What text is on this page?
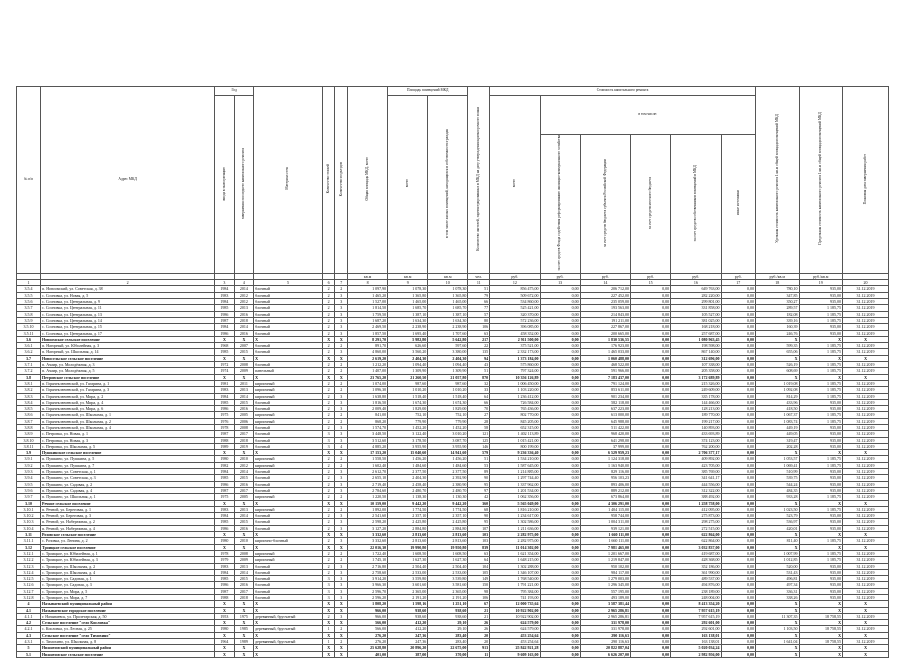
№ п/п	Адрес МКД	Год		Материал стен	Количество этажей	Количество подъездов	Общая площадь МКД, всего	Площадь помещений МКД		Количество жителей, зарегистрированных в МКД на дату утверждения краткосрочного плана	Стоимость капитального ремонта						Удельная стоимость капитального ремонта 1 кв.м общей площади помещений МКД	Предельная стоимость капитального ремонта 1 кв.м общей площади помещений МКД	Плановая дата завершения работ
		ввода в эксплуатацию	завершения последнего капитального ремонта					всего	в том числе жилых помещений, находящихся в собственности граждан		всего	в том числе:							
												за счет средств Фонда содействия реформированию жилищно-коммунального хозяйства	за счет средств бюджета субъекта Российской Федерации	за счет средств местного бюджета	за счет средств собственников помещений в МКД	иные источники			
							кв.м	кв.м	кв.м	чел.	руб.	руб.	руб.	руб.	руб.	руб.	руб./кв.м	руб./кв.м	
1	2	3	4	5	6	7	8	9	10	11	12	13	14	15	16	17	18	19	20
3.5.4	п. Новоомский, ул. Советская, д. 38	1984	2014	блочный	2	2	1 097,90	1 078,30	1 078,30	51	856 475,00	0,00	206 712,00	0,00	649 763,00	0,00	780,10	935,00	31.12.2019
3.5.5	с. Сосновка, ул. Новая, д. 5	1983	2012	блочный	2	3	1 465,20	1 365,80	1 365,80	79	509 672,00	0,00	227 452,00	0,00	282 220,00	0,00	347,85	935,00	31.12.2019
3.5.6	с. Сосновка, ул. Центральная, д. 9	1984	2012	блочный	2	3	1 527,00	1 465,00	1 465,00	66	534 860,00	0,00	235 059,00	0,00	299 801,00	0,00	350,27	935,00	31.12.2019
3.5.7	с. Сосновка, ул. Центральная, д. 11	1985	2013	блочный	2	3	1 814,50	1 685,70	1 685,70	77	525 421,00	0,00	193 563,00	0,00	331 858,00	0,00	289,57	1 185,75	31.12.2019
3.5.8	с. Сосновка, ул. Центральная, д. 13	1986	2016	блочный	2	3	1 759,50	1 387,10	1 387,10	57	320 370,00	0,00	214 843,00	0,00	105 527,00	0,00	182,08	1 185,75	31.12.2019
3.5.9	с. Сосновка, ул. Центральная, д. 14	1987	2018	блочный	2	3	1 687,20	1 634,30	1 634,30	80	572 236,00	0,00	191 211,00	0,00	381 025,00	0,00	339,16	1 185,75	31.12.2019
3.5.10	с. Сосновка, ул. Центральная, д. 15	1984	2014	блочный	2	3	2 469,50	2 238,90	2 238,90	106	396 085,00	0,00	227 867,00	0,00	168 218,00	0,00	160,39	935,00	31.12.2019
3.5.11	с. Сосновка, ул. Центральная, д. 17	1986	2016	блочный	2	3	1 857,50	1 695,40	1 707,60	63	458 352,00	0,00	200 665,00	0,00	257 687,00	0,00	246,76	935,00	31.12.2019
3.6	Новоомское сельское поселение	X	X	X	X	X	8 291,70	5 982,80	5 642,80	217	2 911 500,00	0,00	1 830 536,55	0,00	1 080 963,45	0,00	X	X	X
3.6.1	п. Нагорный, ул. Юбилейная, д. 3	1968	2007	блочный	2	2	891,70	626,60	597,60	22	375 521,00	0,00	176 923,00	0,00	198 598,00	0,00	599,35	1 185,75	31.12.2019
3.6.2	п. Нагорный, ул. Школьная, д. 14	1985	2015	блочный	2	3	4 860,00	3 560,20	3 380,00	135	2 332 173,00	0,00	1 465 033,00	0,00	867 140,00	0,00	655,06	1 185,75	31.12.2019
3.7	Новосельское сельское поселение	X	X	X	X	X	2 619,20	2 404,30	2 404,30	94	1 373 184,00	0,00	1 060 488,00	0,00	312 696,00	0,00	X	X	X
3.7.1	п. Ачаир, ул. Молодёжная, д. 3	1972	2008	блочный	2	2	1 212,20	1 094,40	1 094,40	43	575 860,00	0,00	468 522,00	0,00	107 338,00	0,00	526,19	1 185,75	31.12.2019
3.7.2	п. Ачаир, ул. Молодёжная, д. 5	1974	2009	панельный	2	2	1 407,00	1 309,90	1 309,90	51	797 324,00	0,00	591 966,00	0,00	205 358,00	0,00	608,69	1 185,75	31.12.2019
3.8	Петровское сельское поселение	X	X	X	X	X	23 765,20	21 260,50	21 057,80	870	10 356 126,89	0,00	7 183 437,00	0,00	3 172 689,89	0,00	X	X	X
3.8.1	п. Горячеключевской, ул. Гагарина, д. 1	1981	2011	кирпичный	2	2	1 074,00	987,60	987,60	32	1 006 450,00	0,00	791 124,00	0,00	215 326,00	0,00	1 019,08	1 185,75	31.12.2019
3.8.2	п. Горячеключевской, ул. Гагарина, д. 3	1983	2013	кирпичный	2	2	1 096,30	1 010,20	1 010,20	33	1 103 220,00	0,00	853 611,00	0,00	249 609,00	0,00	1 092,08	1 185,75	31.12.2019
3.8.3	п. Горячеключевской, ул. Мира, д. 2	1984	2014	кирпичный	2	3	1 638,80	1 518,40	1 518,40	64	1 236 412,00	0,00	901 234,00	0,00	335 178,00	0,00	814,29	1 185,75	31.12.2019
3.8.4	п. Горячеключевской, ул. Мира, д. 4	1985	2015	блочный	2	3	1 816,50	1 674,30	1 674,30	66	726 584,00	0,00	582 118,00	0,00	144 466,00	0,00	433,96	935,00	31.12.2019
3.8.5	п. Горячеключевской, ул. Мира, д. 6	1986	2016	блочный	2	3	2 009,40	1 829,00	1 829,00	70	765 436,00	0,00	637 223,00	0,00	128 213,00	0,00	418,50	935,00	31.12.2019
3.8.6	п. Горячеключевской, ул. Школьная, д. 1	1975	2005	кирпичный	2	2	841,00	752,10	752,10	27	802 770,00	0,00	613 000,00	0,00	189 770,00	0,00	1 067,37	1 185,75	31.12.2019
3.8.7	п. Горячеключевской, ул. Школьная, д. 2	1976	2006	кирпичный	2	2	868,20	779,90	779,90	28	845 205,00	0,00	645 988,00	0,00	199 217,00	0,00	1 083,74	1 185,75	31.12.2019
3.8.8	п. Горячеключевской, ул. Школьная, д. 4	1978	2008	блочный	2	3	1 574,70	1 452,20	1 452,20	58	652 315,00	0,00	511 422,00	0,00	140 893,00	0,00	449,19	935,00	31.12.2019
3.8.9	с. Петровка, ул. Новая, д. 1	1987	2017	блочный	3	3	3 448,50	3 122,40	3 010,20	121	1 402 113,89	0,00	968 420,00	0,00	433 693,89	0,00	449,05	935,00	31.12.2019
3.8.10	с. Петровка, ул. Новая, д. 3	1988	2018	блочный	3	3	3 512,60	3 178,50	3 087,70	125	1 015 421,00	0,00	641 298,00	0,00	374 123,00	0,00	319,47	935,00	31.12.2019
3.8.11	с. Петровка, ул. Школьная, д. 5	1989	2019	блочный	3	4	4 885,20	3 955,90	3 955,90	146	800 199,00	0,00	37 999,00	0,00	762 200,00	0,00	202,28	935,00	31.12.2019
3.9	Пушкинское сельское поселение	X	X	X	X	X	17 153,20	15 040,60	14 941,60	579	9 236 336,40	0,00	6 529 959,23	0,00	2 706 377,17	0,00	X	X	X
3.9.1	п. Пушкино, ул. Пушкина, д. 5	1980	2010	кирпичный	2	2	1 558,50	1 456,20	1 456,20	51	1 534 210,00	0,00	1 124 318,00	0,00	409 892,00	0,00	1 053,57	1 185,75	31.12.2019
3.9.2	п. Пушкино, ул. Пушкина, д. 7	1982	2012	кирпичный	2	2	1 602,40	1 484,60	1 484,60	53	1 587 645,00	0,00	1 163 940,00	0,00	423 705,00	0,00	1 069,41	1 185,75	31.12.2019
3.9.3	п. Пушкино, ул. Советская, д. 1	1984	2014	блочный	2	3	2 612,70	2 377,50	2 377,50	89	1 214 885,00	0,00	829 116,00	0,00	385 769,00	0,00	510,99	935,00	31.12.2019
3.9.4	п. Пушкино, ул. Советская, д. 3	1985	2015	блочный	2	3	2 655,10	2 404,30	2 392,90	90	1 297 744,40	0,00	956 103,23	0,00	341 641,17	0,00	539,75	935,00	31.12.2019
3.9.5	п. Пушкино, ул. Садовая, д. 2	1986	2016	блочный	2	3	2 719,40	2 458,40	2 380,90	95	1 337 962,00	0,00	893 406,00	0,00	444 556,00	0,00	544,24	935,00	31.12.2019
3.9.6	п. Пушкино, ул. Садовая, д. 4	1987	2017	блочный	2	3	2 784,60	2 480,70	2 480,70	97	1 201 534,00	0,00	889 212,00	0,00	312 322,00	0,00	484,35	935,00	31.12.2019
3.9.7	п. Пушкино, ул. Школьная, д. 1	1975	2005	кирпичный	2	2	1 220,50	1 138,30	1 130,30	42	1 062 356,00	0,00	673 864,00	0,00	388 492,00	0,00	933,28	1 185,75	31.12.2019
3.10	Речное сельское поселение	X	X	X	X	X	10 159,00	9 442,20	9 442,20	360	5 565 049,00	0,00	4 306 291,00	0,00	1 258 758,00	0,00	X	X	X
3.10.1	п. Речной, ул. Береговая, д. 1	1983	2013	кирпичный	2	2	1 892,00	1 774,50	1 774,50	68	1 816 210,00	0,00	1 404 115,00	0,00	412 095,00	0,00	1 023,50	1 185,75	31.12.2019
3.10.2	п. Речной, ул. Береговая, д. 3	1984	2014	блочный	2	3	2 541,60	2 357,10	2 357,10	90	1 234 617,00	0,00	958 744,00	0,00	275 873,00	0,00	523,79	935,00	31.12.2019
3.10.3	п. Речной, ул. Набережная, д. 2	1985	2015	блочный	2	3	2 598,20	2 425,80	2 425,80	95	1 302 586,00	0,00	1 004 311,00	0,00	298 275,00	0,00	536,97	935,00	31.12.2019
3.10.4	п. Речной, ул. Набережная, д. 4	1986	2016	блочный	2	3	3 127,20	2 884,80	2 884,80	107	1 211 636,00	0,00	939 121,00	0,00	272 515,00	0,00	420,01	935,00	31.12.2019
3.11	Розовское сельское поселение	X	X	X	X	X	3 332,60	2 813,60	2 813,60	103	2 282 975,00	0,00	1 660 111,00	0,00	622 864,00	0,00	X	X	X
3.11.1	с. Розовка, ул. Ленина, д. 2	1980	2010	кирпично-блочный	2	3	3 332,60	2 813,60	2 813,60	103	2 282 975,00	0,00	1 660 111,00	0,00	622 864,00	0,00	811,40	1 185,75	31.12.2019
3.12	Троицкое сельское поселение	X	X	X	X	X	22 016,30	19 990,80	19 950,80	839	11 014 302,00	0,00	7 981 465,00	0,00	3 032 837,00	0,00	X	X	X
3.12.1	с. Троицкое, ул. Юбилейная, д. 1	1978	2008	кирпичный	2	2	1 722,40	1 608,50	1 608,50	63	1 621 354,00	0,00	1 201 667,00	0,00	419 687,00	0,00	1 007,99	1 185,75	31.12.2019
3.12.2	с. Троицкое, ул. Юбилейная, д. 3	1979	2009	кирпичный	2	2	1 745,10	1 627,30	1 627,30	64	1 648 215,00	0,00	1 219 847,00	0,00	428 368,00	0,00	1 012,85	1 185,75	31.12.2019
3.12.3	с. Троицкое, ул. Школьная, д. 2	1983	2013	блочный	2	3	2 716,80	2 504,40	2 504,40	104	1 302 288,00	0,00	950 102,00	0,00	352 186,00	0,00	520,00	935,00	31.12.2019
3.12.4	с. Троицкое, ул. Школьная, д. 4	1984	2014	блочный	2	3	2 758,60	2 533,00	2 533,00	105	1 346 107,00	0,00	984 117,00	0,00	361 990,00	0,00	531,43	935,00	31.12.2019
3.12.5	с. Троицкое, ул. Садовая, д. 1	1985	2015	блочный	3	3	3 914,20	3 559,80	3 539,80	149	1 768 540,00	0,00	1 279 003,00	0,00	489 537,00	0,00	496,81	935,00	31.12.2019
3.12.6	с. Троицкое, ул. Садовая, д. 3	1986	2016	блочный	3	3	3 966,30	3 601,60	3 581,60	150	1 791 221,00	0,00	1 296 345,00	0,00	494 876,00	0,00	497,34	935,00	31.12.2019
3.12.7	с. Троицкое, ул. Мира, д. 5	1987	2017	блочный	3	3	2 596,70	2 365,00	2 365,00	98	795 384,00	0,00	557 195,00	0,00	238 189,00	0,00	336,31	935,00	31.12.2019
3.12.8	с. Троицкое, ул. Мира, д. 7	1988	2018	блочный	3	3	2 596,20	2 191,20	2 191,20	106	741 193,00	0,00	493 189,00	0,00	248 004,00	0,00	338,26	935,00	31.12.2019
4	Называевский муниципальный район	X	X	X	X	X	1 808,20	1 598,16	1 251,10	67	12 000 735,64	0,00	3 587 381,44	0,00	8 413 354,20	0,00	X	X	X
4.1	Называевское городское поселение	X	X	X	X	X	966,00	938,60	938,60	21	10 922 902,00	0,00	2 965 286,81	0,00	7 957 615,19	0,00	X	X	X
4.1.1	г. Называевск, ул. Пролетарская, д. 50	1953	1975	деревянный, брусчатый	2	3	966,00	938,60	938,60	21	10 922 902,00	0,00	2 965 286,81	0,00	7 957 615,19	0,00	11 307,35	18 758,55	31.12.2019
4.2	Сельское поселение "село Кисловка"	X	X	X	X	X	566,00	412,20	29,10	26	624 579,00	0,00	331 978,00	0,00	292 601,00	0,00	X	X	X
4.2.1	с. Кисловка, ул. Лесная, д. 25	1980	1985	деревянный, брусчатый	1	2	566,00	412,20	29,10	26	624 579,00	0,00	331 978,00	0,00	292 601,00	0,00	1 103,50	18 758,55	31.12.2019
4.3	Сельское поселение "село Тимохино"	X	X	X	X	X	276,20	247,36	283,40	20	453 254,64	0,00	290 116,63	0,00	163 138,01	0,00	X	X	X
4.3.1	с. Тимохино, ул. Школьная, д. 8	1964	1989	деревянный, брусчатый	1	2	276,20	247,36	283,40	20	453 254,64	0,00	290 116,63	0,00	163 138,01	0,00	1 641,04	18 758,55	31.12.2019
5	Нижнеомский муниципальный район	X	X	X	X	X	25 628,80	20 896,20	22 675,00	913	25 842 921,28	0,00	20 822 887,04	0,00	5 020 034,24	0,00	X	X	X
5.1	Нижнеомское сельское поселение	X	X	X	X	X	401,00	387,00	370,00	11	9 609 163,00	0,00	6 626 207,00	0,00	2 982 956,00	0,00	X	X	X
